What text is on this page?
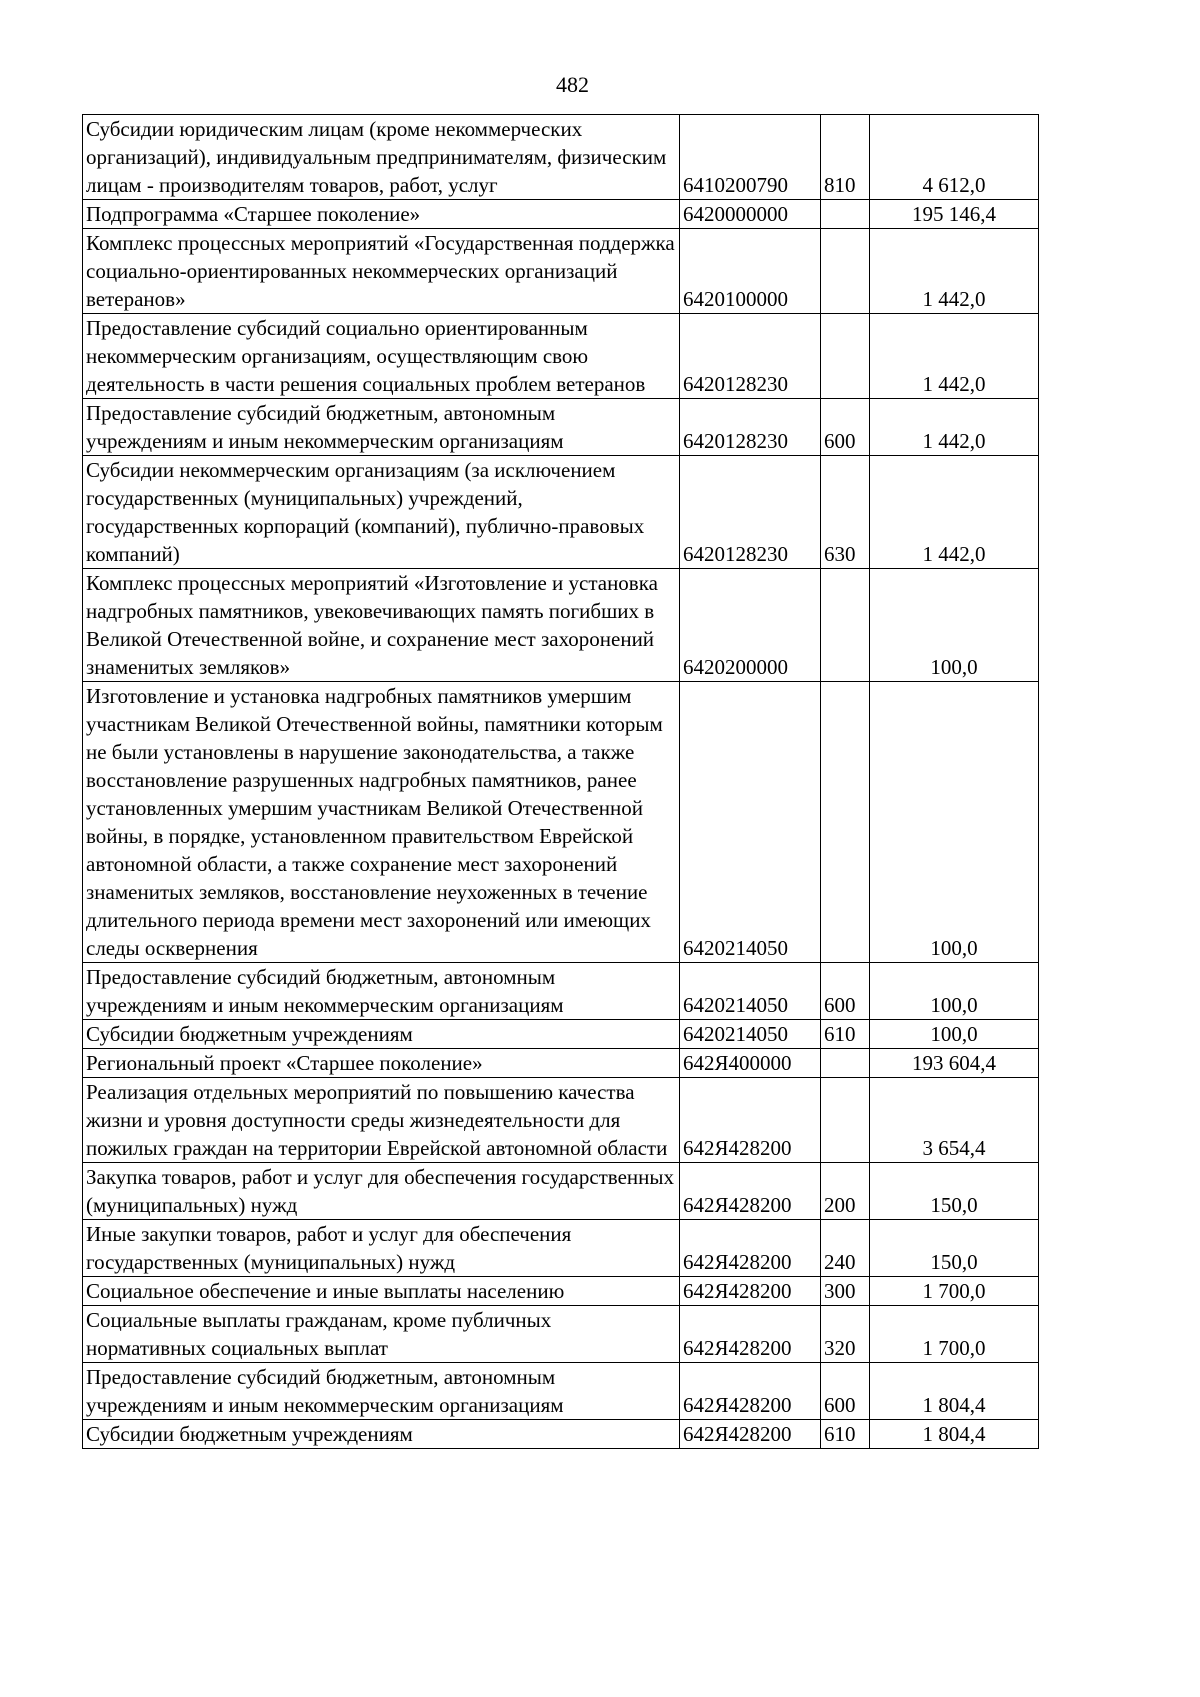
482
Субсидии юридическим лицам (кроме некоммерческих организаций), индивидуальным предпринимателям, физическим лицам - производителям товаров, работ, услуг	6410200790	810	4 612,0
Подпрограмма «Старшее поколение»	6420000000		195 146,4
Комплекс процессных мероприятий «Государственная поддержка социально-ориентированных некоммерческих организаций ветеранов»	6420100000		1 442,0
Предоставление субсидий социально ориентированным некоммерческим организациям, осуществляющим свою деятельность в части решения социальных проблем ветеранов	6420128230		1 442,0
Предоставление субсидий бюджетным, автономным учреждениям и иным некоммерческим организациям	6420128230	600	1 442,0
Субсидии некоммерческим организациям (за исключением государственных (муниципальных) учреждений, государственных корпораций (компаний), публично-правовых компаний)	6420128230	630	1 442,0
Комплекс процессных мероприятий «Изготовление и установка надгробных памятников, увековечивающих память погибших в Великой Отечественной войне, и сохранение мест захоронений знаменитых земляков»	6420200000		100,0
Изготовление и установка надгробных памятников умершим участникам Великой Отечественной войны, памятники которым не были установлены в нарушение законодательства, а также восстановление разрушенных надгробных памятников, ранее установленных умершим участникам Великой Отечественной войны, в порядке, установленном правительством Еврейской автономной области, а также сохранение мест захоронений знаменитых земляков, восстановление неухоженных в течение длительного периода времени мест захоронений или имеющих следы осквернения	6420214050		100,0
Предоставление субсидий бюджетным, автономным учреждениям и иным некоммерческим организациям	6420214050	600	100,0
Субсидии бюджетным учреждениям	6420214050	610	100,0
Региональный проект «Старшее поколение»	642Я400000		193 604,4
Реализация отдельных мероприятий по повышению качества жизни и уровня доступности среды жизнедеятельности для пожилых граждан на территории Еврейской автономной области	642Я428200		3 654,4
Закупка товаров, работ и услуг для обеспечения государственных (муниципальных) нужд	642Я428200	200	150,0
Иные закупки товаров, работ и услуг для обеспечения государственных (муниципальных) нужд	642Я428200	240	150,0
Социальное обеспечение и иные выплаты населению	642Я428200	300	1 700,0
Социальные выплаты гражданам, кроме публичных нормативных социальных выплат	642Я428200	320	1 700,0
Предоставление субсидий бюджетным, автономным учреждениям и иным некоммерческим организациям	642Я428200	600	1 804,4
Субсидии бюджетным учреждениям	642Я428200	610	1 804,4
